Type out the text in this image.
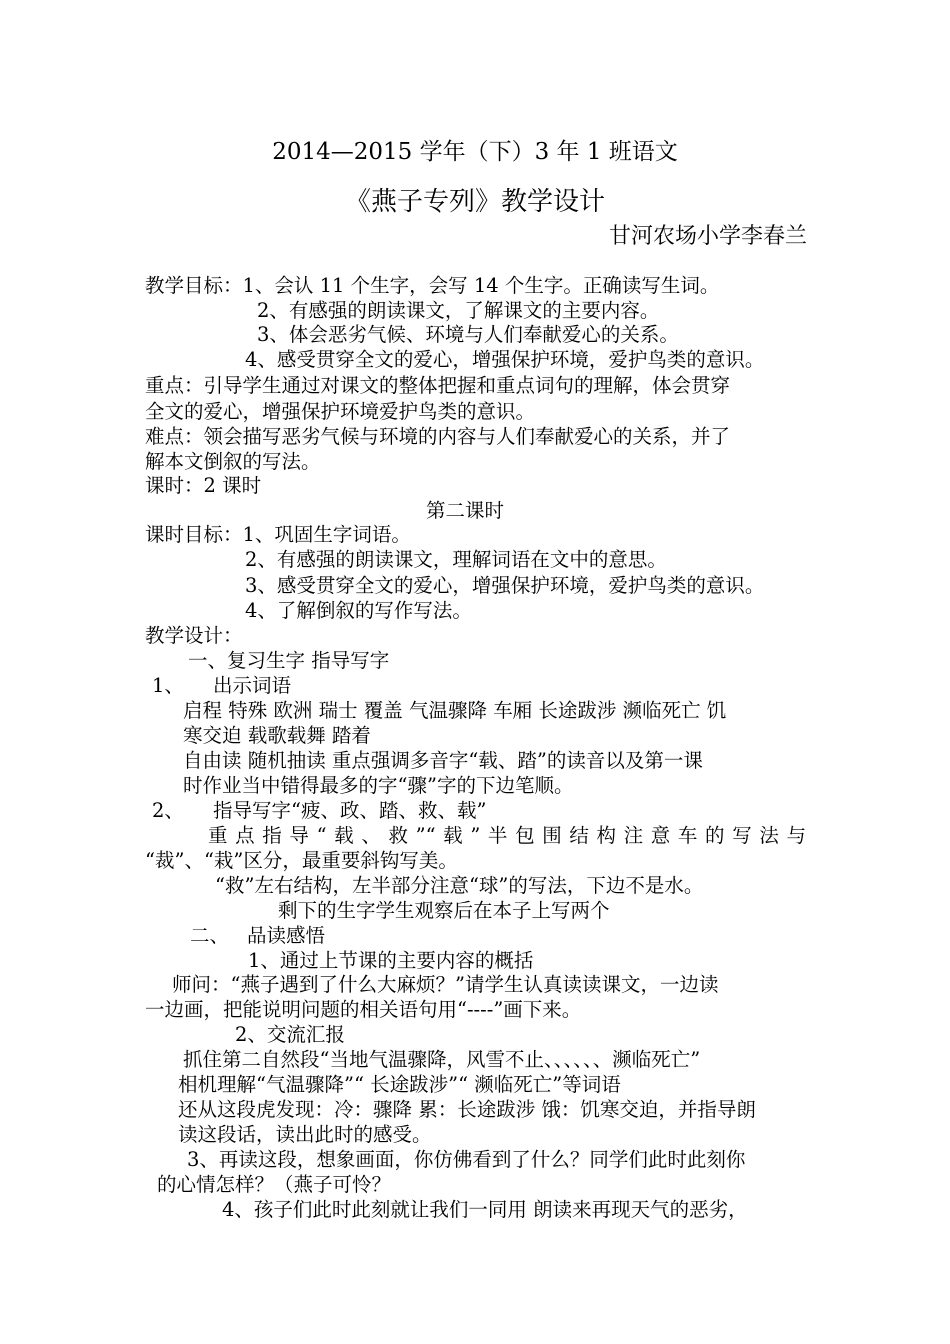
2014—2015 学年（下）3 年 1 班语文
《燕子专列》教学设计
甘河农场小学李春兰
教学目标：1、会认 11 个生字，会写 14 个生字。正确读写生词。
2、有感强的朗读课文，了解课文的主要内容。
3、体会恶劣气候、环境与人们奉献爱心的关系。
4、感受贯穿全文的爱心，增强保护环境，爱护鸟类的意识。
重点：引导学生通过对课文的整体把握和重点词句的理解，体会贯穿
全文的爱心，增强保护环境爱护鸟类的意识。
难点：领会描写恶劣气候与环境的内容与人们奉献爱心的关系，并了
解本文倒叙的写法。
课时：2 课时
第二课时
课时目标：1、巩固生字词语。
2、有感强的朗读课文，理解词语在文中的意思。
3、感受贯穿全文的爱心，增强保护环境，爱护鸟类的意识。
4、了解倒叙的写作写法。
教学设计：
一、复习生字 指导写字
1、 出示词语
启程 特殊 欧洲 瑞士 覆盖 气温骤降 车厢 长途跋涉 濒临死亡 饥
寒交迫 载歌载舞 踏着
自由读 随机抽读 重点强调多音字“载、踏”的读音以及第一课
时作业当中错得最多的字“骤”字的下边笔顺。
2、 指导写字“疲、政、踏、救、载”
重点指导“载、救”“载”半包围结构注意车的写法与
“裁”、“栽”区分，最重要斜钩写美。
“救”左右结构，左半部分注意“球”的写法，下边不是水。
剩下的生字学生观察后在本子上写两个
二、 品读感悟
1、通过上节课的主要内容的概括
师问：“燕子遇到了什么大麻烦？”请学生认真读读课文，一边读
一边画，把能说明问题的相关语句用“----”画下来。
2、交流汇报
抓住第二自然段“当地气温骤降，风雪不止、、、、、、濒临死亡”
相机理解“气温骤降”“ 长途跋涉”“ 濒临死亡”等词语
还从这段虎发现：冷：骤降 累：长途跋涉 饿：饥寒交迫，并指导朗
读这段话，读出此时的感受。
3、再读这段，想象画面，你仿佛看到了什么？同学们此时此刻你
的心情怎样？（燕子可怜？
4、孩子们此时此刻就让我们一同用 朗读来再现天气的恶劣，
